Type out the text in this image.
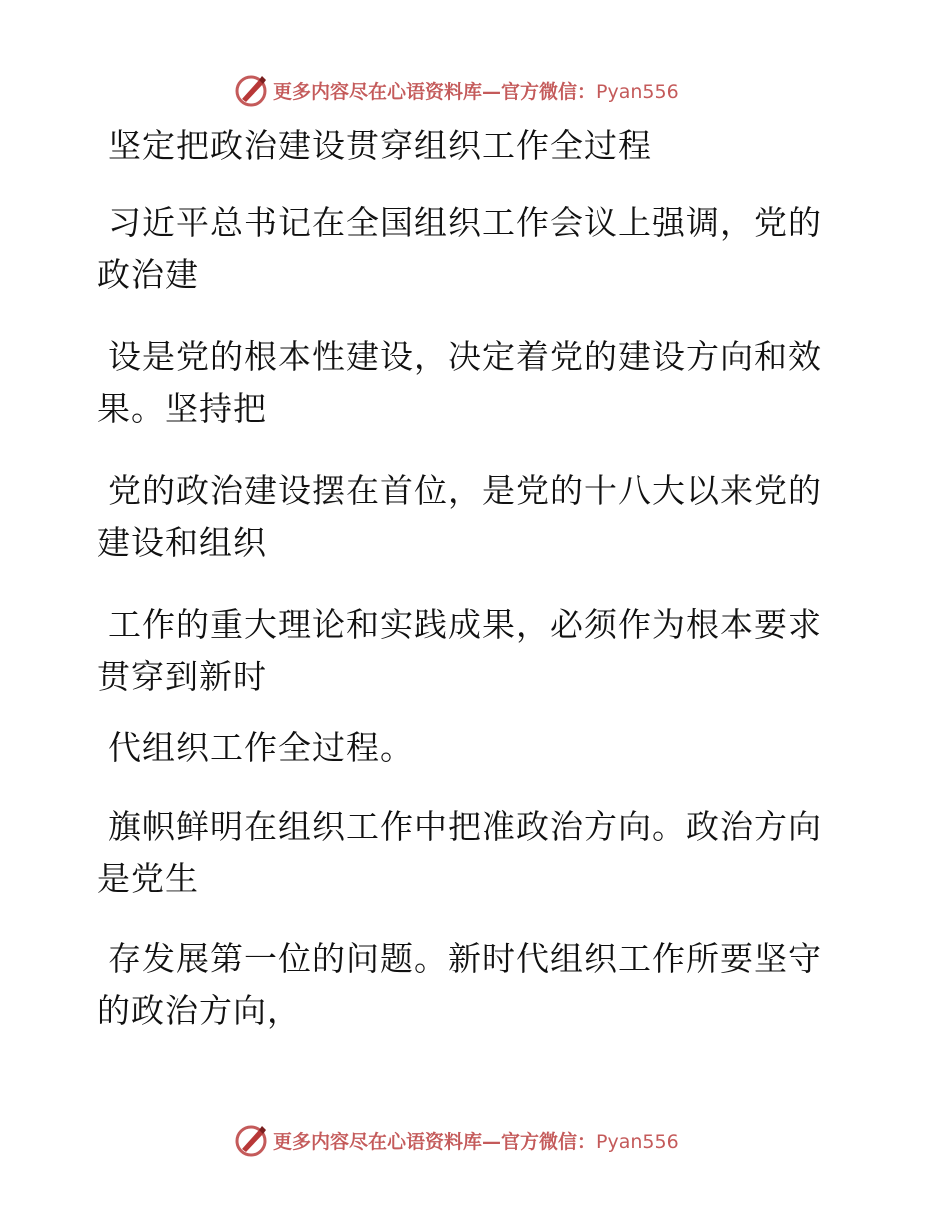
更多内容尽在心语资料库—官方微信：Pyan556
坚定把政治建设贯穿组织工作全过程
习近平总书记在全国组织工作会议上强调，党的
政治建
设是党的根本性建设，决定着党的建设方向和效
果。坚持把
党的政治建设摆在首位，是党的十八大以来党的
建设和组织
工作的重大理论和实践成果，必须作为根本要求
贯穿到新时
代组织工作全过程。
旗帜鲜明在组织工作中把准政治方向。政治方向
是党生
存发展第一位的问题。新时代组织工作所要坚守
的政治方向，
更多内容尽在心语资料库—官方微信：Pyan556
